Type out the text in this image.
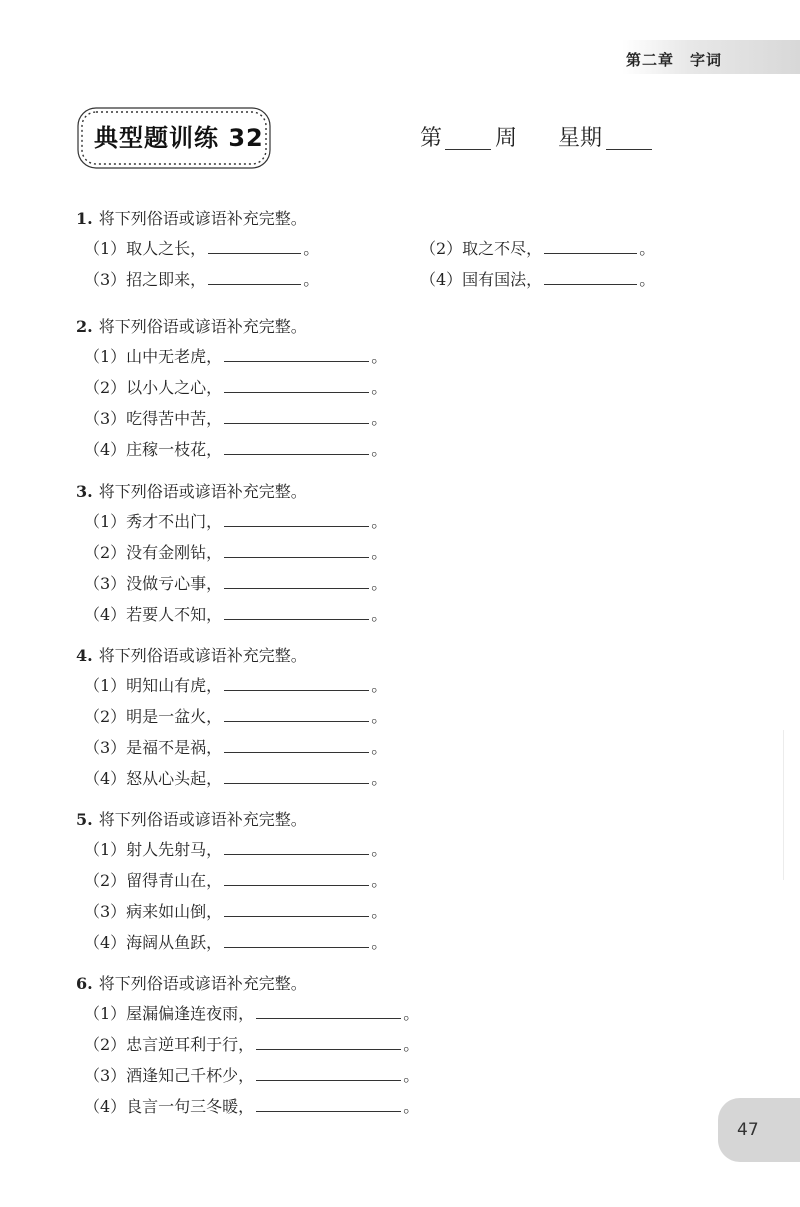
第二章　字词
典型题训练 32	第 周 星期
1. 将下列俗语或谚语补充完整。
（1）取人之长，	。	（2）取之不尽，	。
（3）招之即来，	。	（4）国有国法，	。
2. 将下列俗语或谚语补充完整。
（1）山中无老虎，	。
（2）以小人之心，	。
（3）吃得苦中苦，	。
（4）庄稼一枝花，	。
3. 将下列俗语或谚语补充完整。
（1）秀才不出门，	。
（2）没有金刚钻，	。
（3）没做亏心事，	。
（4）若要人不知，	。
4. 将下列俗语或谚语补充完整。
（1）明知山有虎，	。
（2）明是一盆火，	。
（3）是福不是祸，	。
（4）怒从心头起，	。
5. 将下列俗语或谚语补充完整。
（1）射人先射马，	。
（2）留得青山在，	。
（3）病来如山倒，	。
（4）海阔从鱼跃，	。
6. 将下列俗语或谚语补充完整。
（1）屋漏偏逢连夜雨，	。
（2）忠言逆耳利于行，	。
（3）酒逢知己千杯少，	。
（4）良言一句三冬暖，	。
47
